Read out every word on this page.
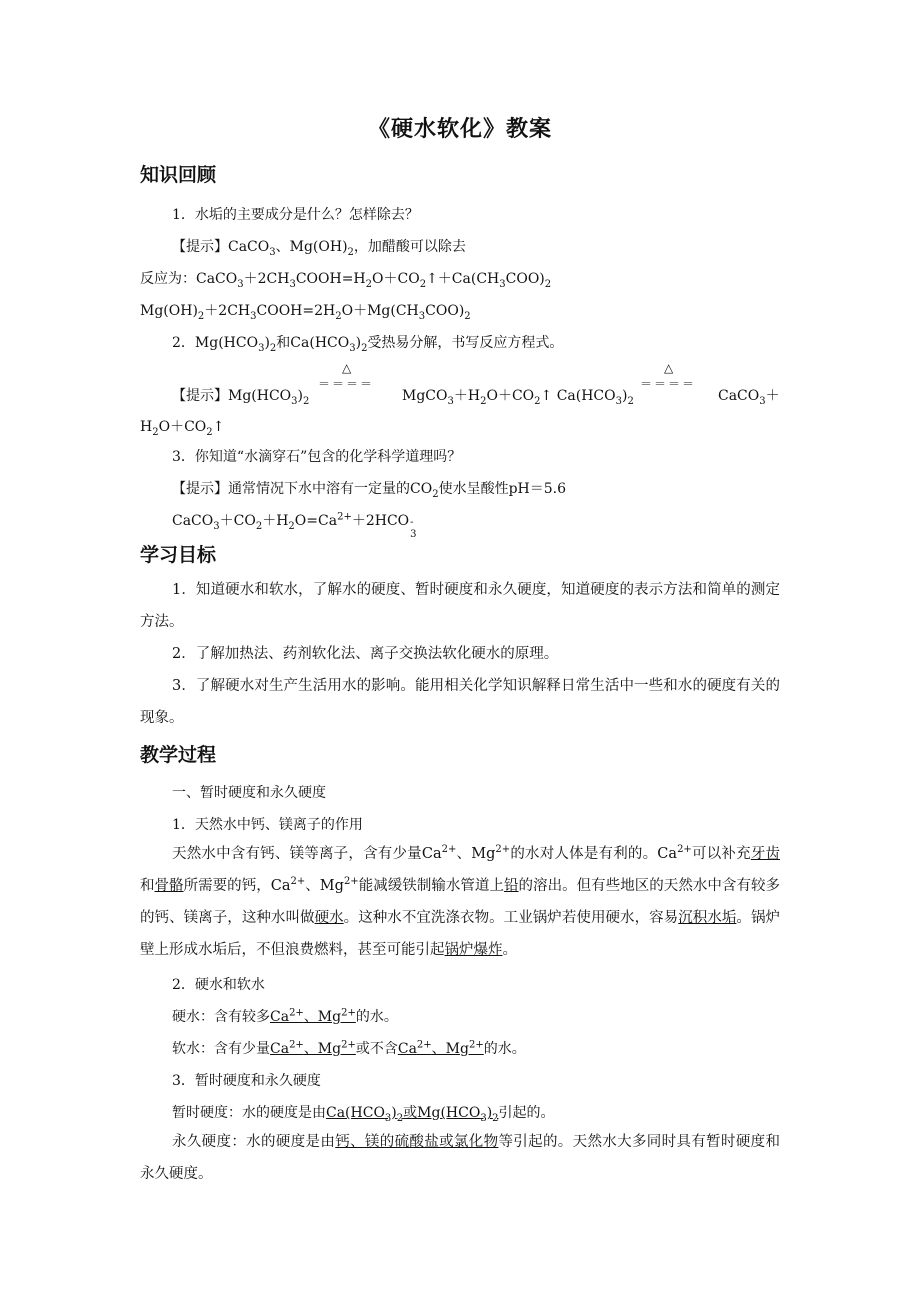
《硬水软化》教案
知识回顾
1．水垢的主要成分是什么？怎样除去？
【提示】CaCO$_3$、$Mg(OH)_2$，加醋酸可以除去
反应为：$CaCO_3+2CH_3COOH=H_2O+CO_2↑+Ca(CH_3COO)_2$
$Mg(OH)_2+2CH_3COOH=2H_2O+Mg(CH_3COO)_2$
2．$Mg(HCO_3)_2$和$Ca(HCO_3)_2$受热易分解，书写反应方程式。
【提示】$Mg(HCO_3)_2$
△
＝＝＝＝
$MgCO_3+H_2O+CO_2↑$ $Ca(HCO_3)_2$
△
＝＝＝＝
CaCO$_3$＋
$H_2O+CO_2↑$
3．你知道“水滴穿石”包含的化学科学道理吗？
【提示】通常情况下水中溶有一定量的$CO_2$使水呈酸性pH＝5.6
$CaCO_3+CO_2+H_2O=Ca^{2+}+2HCO$ -
3
学习目标
1．知道硬水和软水，了解水的硬度、暂时硬度和永久硬度，知道硬度的表示方法和简单的测定方法。
2．了解加热法、药剂软化法、离子交换法软化硬水的原理。
3．了解硬水对生产生活用水的影响。能用相关化学知识解释日常生活中一些和水的硬度有关的现象。
教学过程
一、暂时硬度和永久硬度
1．天然水中钙、镁离子的作用
天然水中含有钙、镁等离子，含有少量$Ca^{2+}$、$Mg^{2+}$的水对人体是有利的。$Ca^{2+}$可以补充牙齿和骨骼所需要的钙，$Ca^{2+}$、$Mg^{2+}$能减缓铁制输水管道上铅的溶出。但有些地区的天然水中含有较多的钙、镁离子，这种水叫做硬水。这种水不宜洗涤衣物。工业锅炉若使用硬水，容易沉积水垢。锅炉壁上形成水垢后，不但浪费燃料，甚至可能引起锅炉爆炸。
2．硬水和软水
硬水：含有较多$Ca^{2+}$、$Mg^{2+}$的水。
软水：含有少量$Ca^{2+}$、$Mg^{2+}$或不含$Ca^{2+}$、$Mg^{2+}$的水。
3．暂时硬度和永久硬度
暂时硬度：水的硬度是由$Ca(HCO_3)_2$或$Mg(HCO_3)_2$引起的。
永久硬度：水的硬度是由钙、镁的硫酸盐或氯化物等引起的。天然水大多同时具有暂时硬度和永久硬度。
